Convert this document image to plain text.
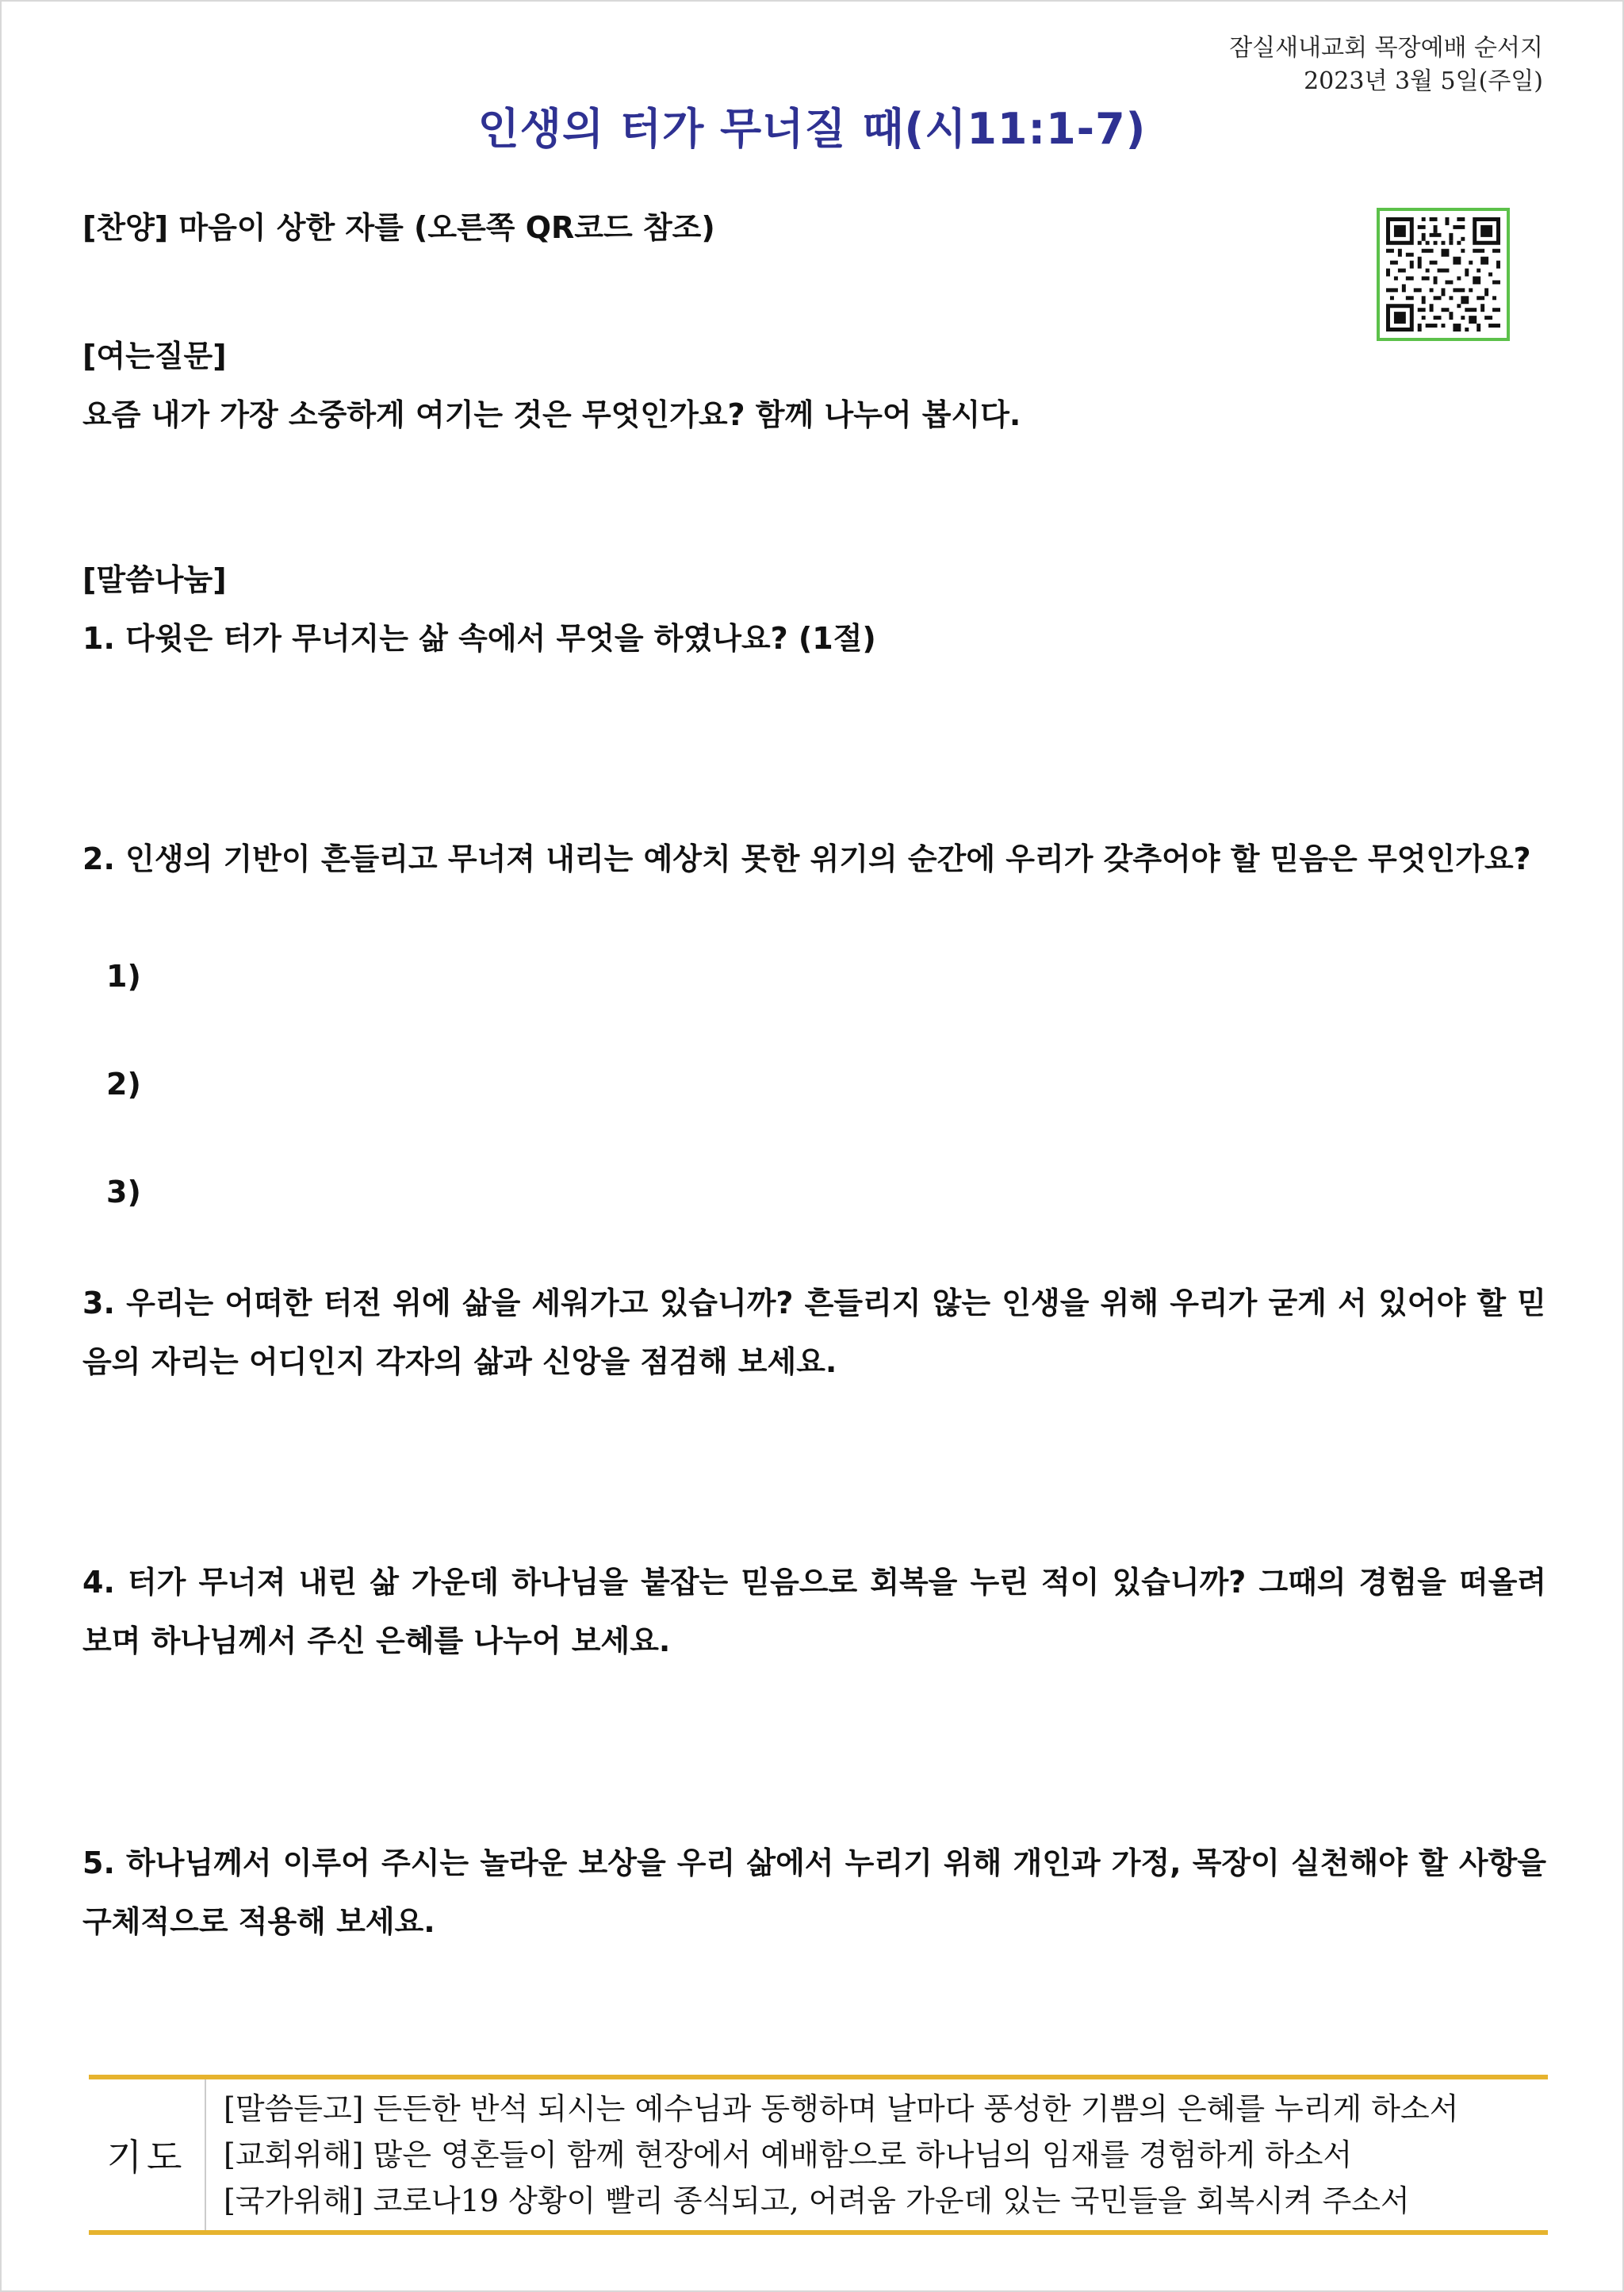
잠실새내교회 목장예배 순서지
2023년 3월 5일(주일)
인생의 터가 무너질 때(시11:1-7)
[찬양] 마음이 상한 자를 (오른쪽 QR코드 참조)
[여는질문]
요즘 내가 가장 소중하게 여기는 것은 무엇인가요? 함께 나누어 봅시다.
[말씀나눔]
1. 다윗은 터가 무너지는 삶 속에서 무엇을 하였나요? (1절)
2. 인생의 기반이 흔들리고 무너져 내리는 예상치 못한 위기의 순간에 우리가 갖추어야 할 믿음은 무엇인가요?
1)
2)
3)
3. 우리는 어떠한 터전 위에 삶을 세워가고 있습니까? 흔들리지 않는 인생을 위해 우리가 굳게 서 있어야 할 믿음의 자리는 어디인지 각자의 삶과 신앙을 점검해 보세요.
4. 터가 무너져 내린 삶 가운데 하나님을 붙잡는 믿음으로 회복을 누린 적이 있습니까? 그때의 경험을 떠올려 보며 하나님께서 주신 은혜를 나누어 보세요.
5. 하나님께서 이루어 주시는 놀라운 보상을 우리 삶에서 누리기 위해 개인과 가정, 목장이 실천해야 할 사항을 구체적으로 적용해 보세요.
기도
[말씀듣고] 든든한 반석 되시는 예수님과 동행하며 날마다 풍성한 기쁨의 은혜를 누리게 하소서
[교회위해] 많은 영혼들이 함께 현장에서 예배함으로 하나님의 임재를 경험하게 하소서
[국가위해] 코로나19 상황이 빨리 종식되고, 어려움 가운데 있는 국민들을 회복시켜 주소서
